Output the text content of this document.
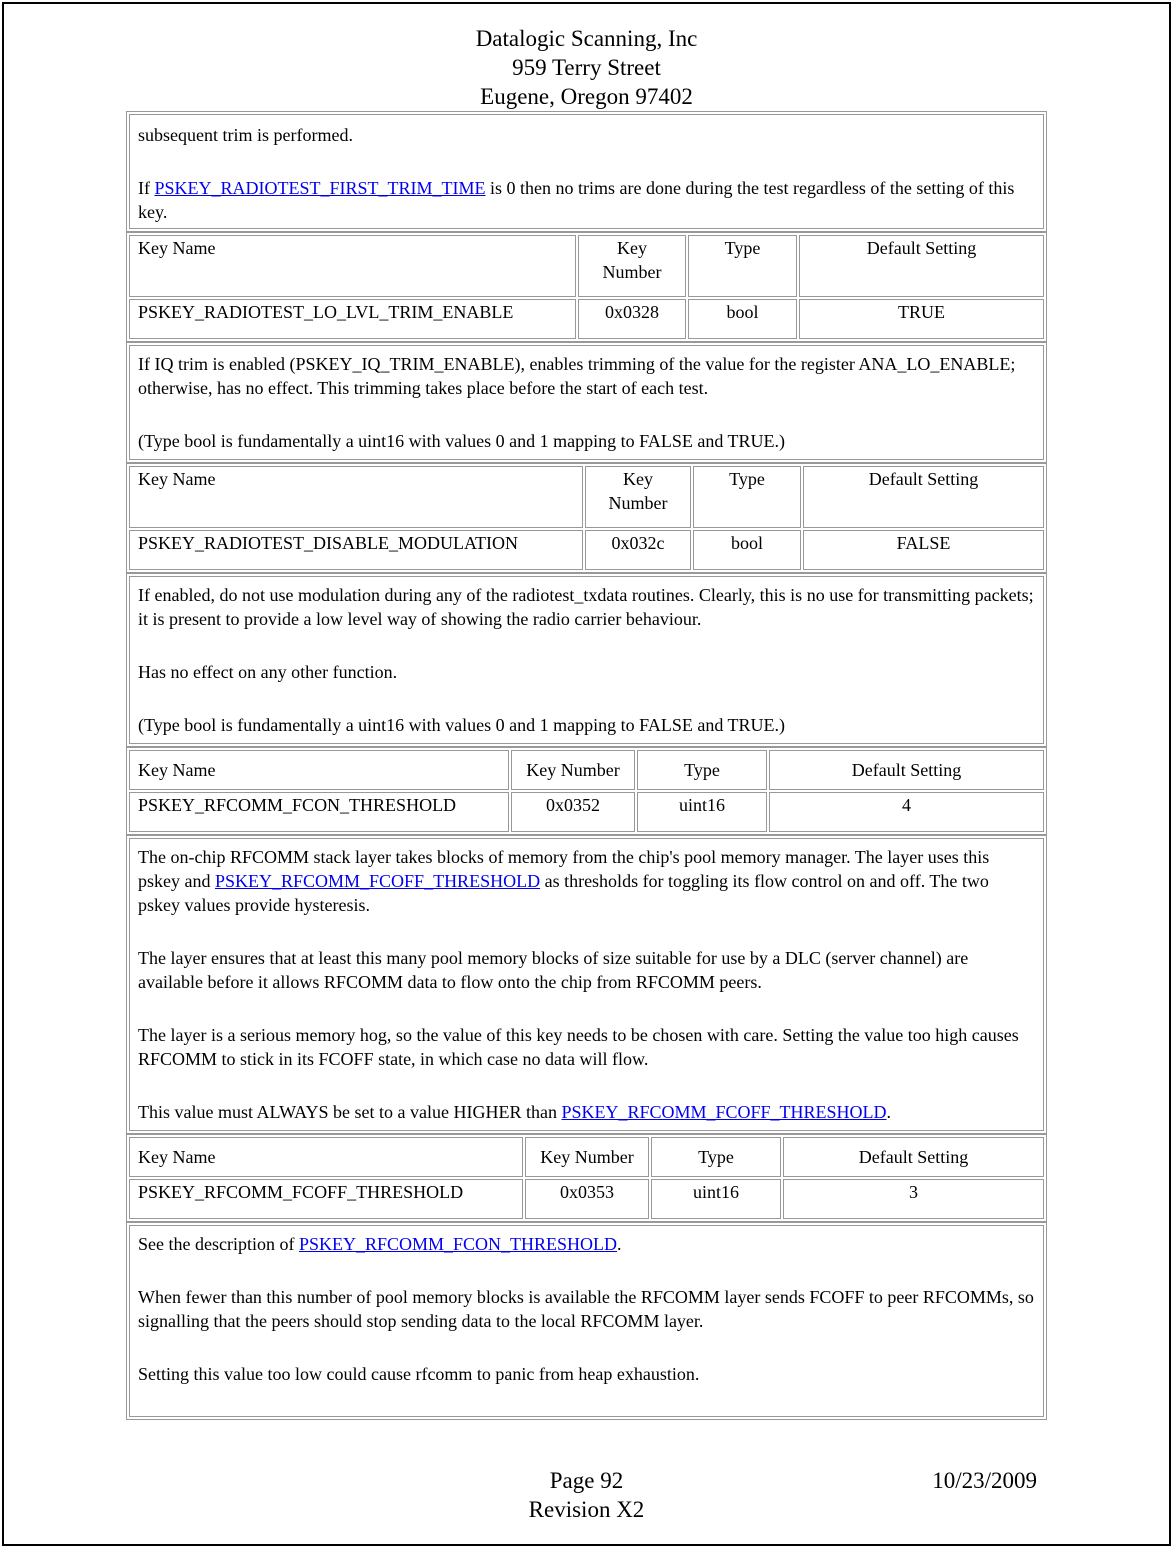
Datalogic Scanning, Inc
959 Terry Street
Eugene, Oregon 97402

subsequent trim is performed.

If PSKEY_RADIOTEST_FIRST_TRIM_TIME is 0 then no trims are done during the test regardless of the setting of this key.

Key Name	Key Number	Type	Default Setting
PSKEY_RADIOTEST_LO_LVL_TRIM_ENABLE	0x0328	bool	TRUE

If IQ trim is enabled (PSKEY_IQ_TRIM_ENABLE), enables trimming of the value for the register ANA_LO_ENABLE; otherwise, has no effect. This trimming takes place before the start of each test.

(Type bool is fundamentally a uint16 with values 0 and 1 mapping to FALSE and TRUE.)

Key Name	Key Number	Type	Default Setting
PSKEY_RADIOTEST_DISABLE_MODULATION	0x032c	bool	FALSE

If enabled, do not use modulation during any of the radiotest_txdata routines. Clearly, this is no use for transmitting packets; it is present to provide a low level way of showing the radio carrier behaviour.

Has no effect on any other function.

(Type bool is fundamentally a uint16 with values 0 and 1 mapping to FALSE and TRUE.)

Key Name	Key Number	Type	Default Setting
PSKEY_RFCOMM_FCON_THRESHOLD	0x0352	uint16	4

The on-chip RFCOMM stack layer takes blocks of memory from the chip's pool memory manager. The layer uses this pskey and PSKEY_RFCOMM_FCOFF_THRESHOLD as thresholds for toggling its flow control on and off. The two pskey values provide hysteresis.

The layer ensures that at least this many pool memory blocks of size suitable for use by a DLC (server channel) are available before it allows RFCOMM data to flow onto the chip from RFCOMM peers.

The layer is a serious memory hog, so the value of this key needs to be chosen with care. Setting the value too high causes RFCOMM to stick in its FCOFF state, in which case no data will flow.

This value must ALWAYS be set to a value HIGHER than PSKEY_RFCOMM_FCOFF_THRESHOLD.

Key Name	Key Number	Type	Default Setting
PSKEY_RFCOMM_FCOFF_THRESHOLD	0x0353	uint16	3

See the description of PSKEY_RFCOMM_FCON_THRESHOLD.

When fewer than this number of pool memory blocks is available the RFCOMM layer sends FCOFF to peer RFCOMMs, so signalling that the peers should stop sending data to the local RFCOMM layer.

Setting this value too low could cause rfcomm to panic from heap exhaustion.

Page 92	10/23/2009
Revision X2
